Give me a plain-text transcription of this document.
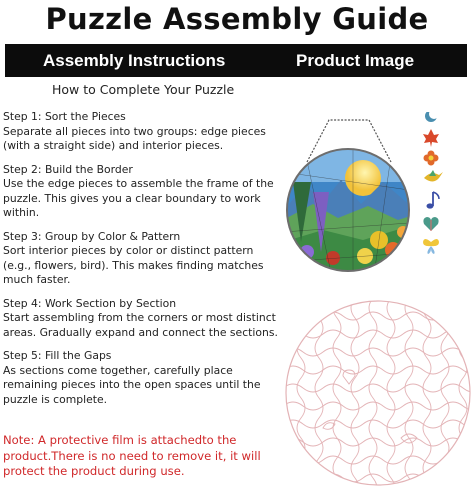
Puzzle Assembly Guide
Assembly Instructions	Product Image
How to Complete Your Puzzle
Step 1: Sort the Pieces
Separate all pieces into two groups: edge pieces (with a straight side) and interior pieces.
Step 2: Build the Border
Use the edge pieces to assemble the frame of the puzzle. This gives you a clear boundary to work within.
Step 3: Group by Color & Pattern
Sort interior pieces by color or distinct pattern (e.g., flowers, bird). This makes finding matches much faster.
Step 4: Work Section by Section
Start assembling from the corners or most distinct areas. Gradually expand and connect the sections.
Step 5: Fill the Gaps
As sections come together, carefully place remaining pieces into the open spaces until the puzzle is complete.
Note: A protective film is attachedto the product.There is no need to remove it, it will protect the product during use.
